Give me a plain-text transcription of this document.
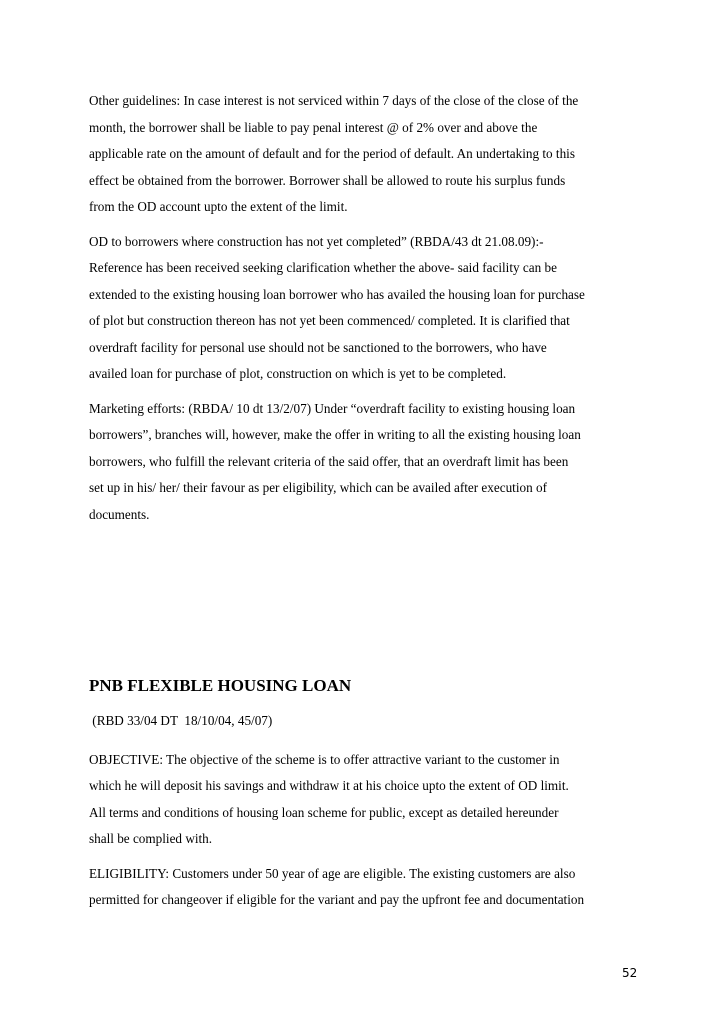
Other guidelines: In case interest is not serviced within 7 days of the close of the close of the
month, the borrower shall be liable to pay penal interest @ of 2% over and above the
applicable rate on the amount of default and for the period of default. An undertaking to this
effect be obtained from the borrower. Borrower shall be allowed to route his surplus funds
from the OD account upto the extent of the limit.

OD to borrowers where construction has not yet completed” (RBDA/43 dt 21.08.09):-
Reference has been received seeking clarification whether the above- said facility can be
extended to the existing housing loan borrower who has availed the housing loan for purchase
of plot but construction thereon has not yet been commenced/ completed. It is clarified that
overdraft facility for personal use should not be sanctioned to the borrowers, who have
availed loan for purchase of plot, construction on which is yet to be completed.

Marketing efforts: (RBDA/ 10 dt 13/2/07) Under “overdraft facility to existing housing loan
borrowers”, branches will, however, make the offer in writing to all the existing housing loan
borrowers, who fulfill the relevant criteria of the said offer, that an overdraft limit has been
set up in his/ her/ their favour as per eligibility, which can be availed after execution of
documents.

PNB FLEXIBLE HOUSING LOAN

(RBD 33/04 DT  18/10/04, 45/07)

OBJECTIVE: The objective of the scheme is to offer attractive variant to the customer in
which he will deposit his savings and withdraw it at his choice upto the extent of OD limit.
All terms and conditions of housing loan scheme for public, except as detailed hereunder
shall be complied with.

ELIGIBILITY: Customers under 50 year of age are eligible. The existing customers are also
permitted for changeover if eligible for the variant and pay the upfront fee and documentation

52
